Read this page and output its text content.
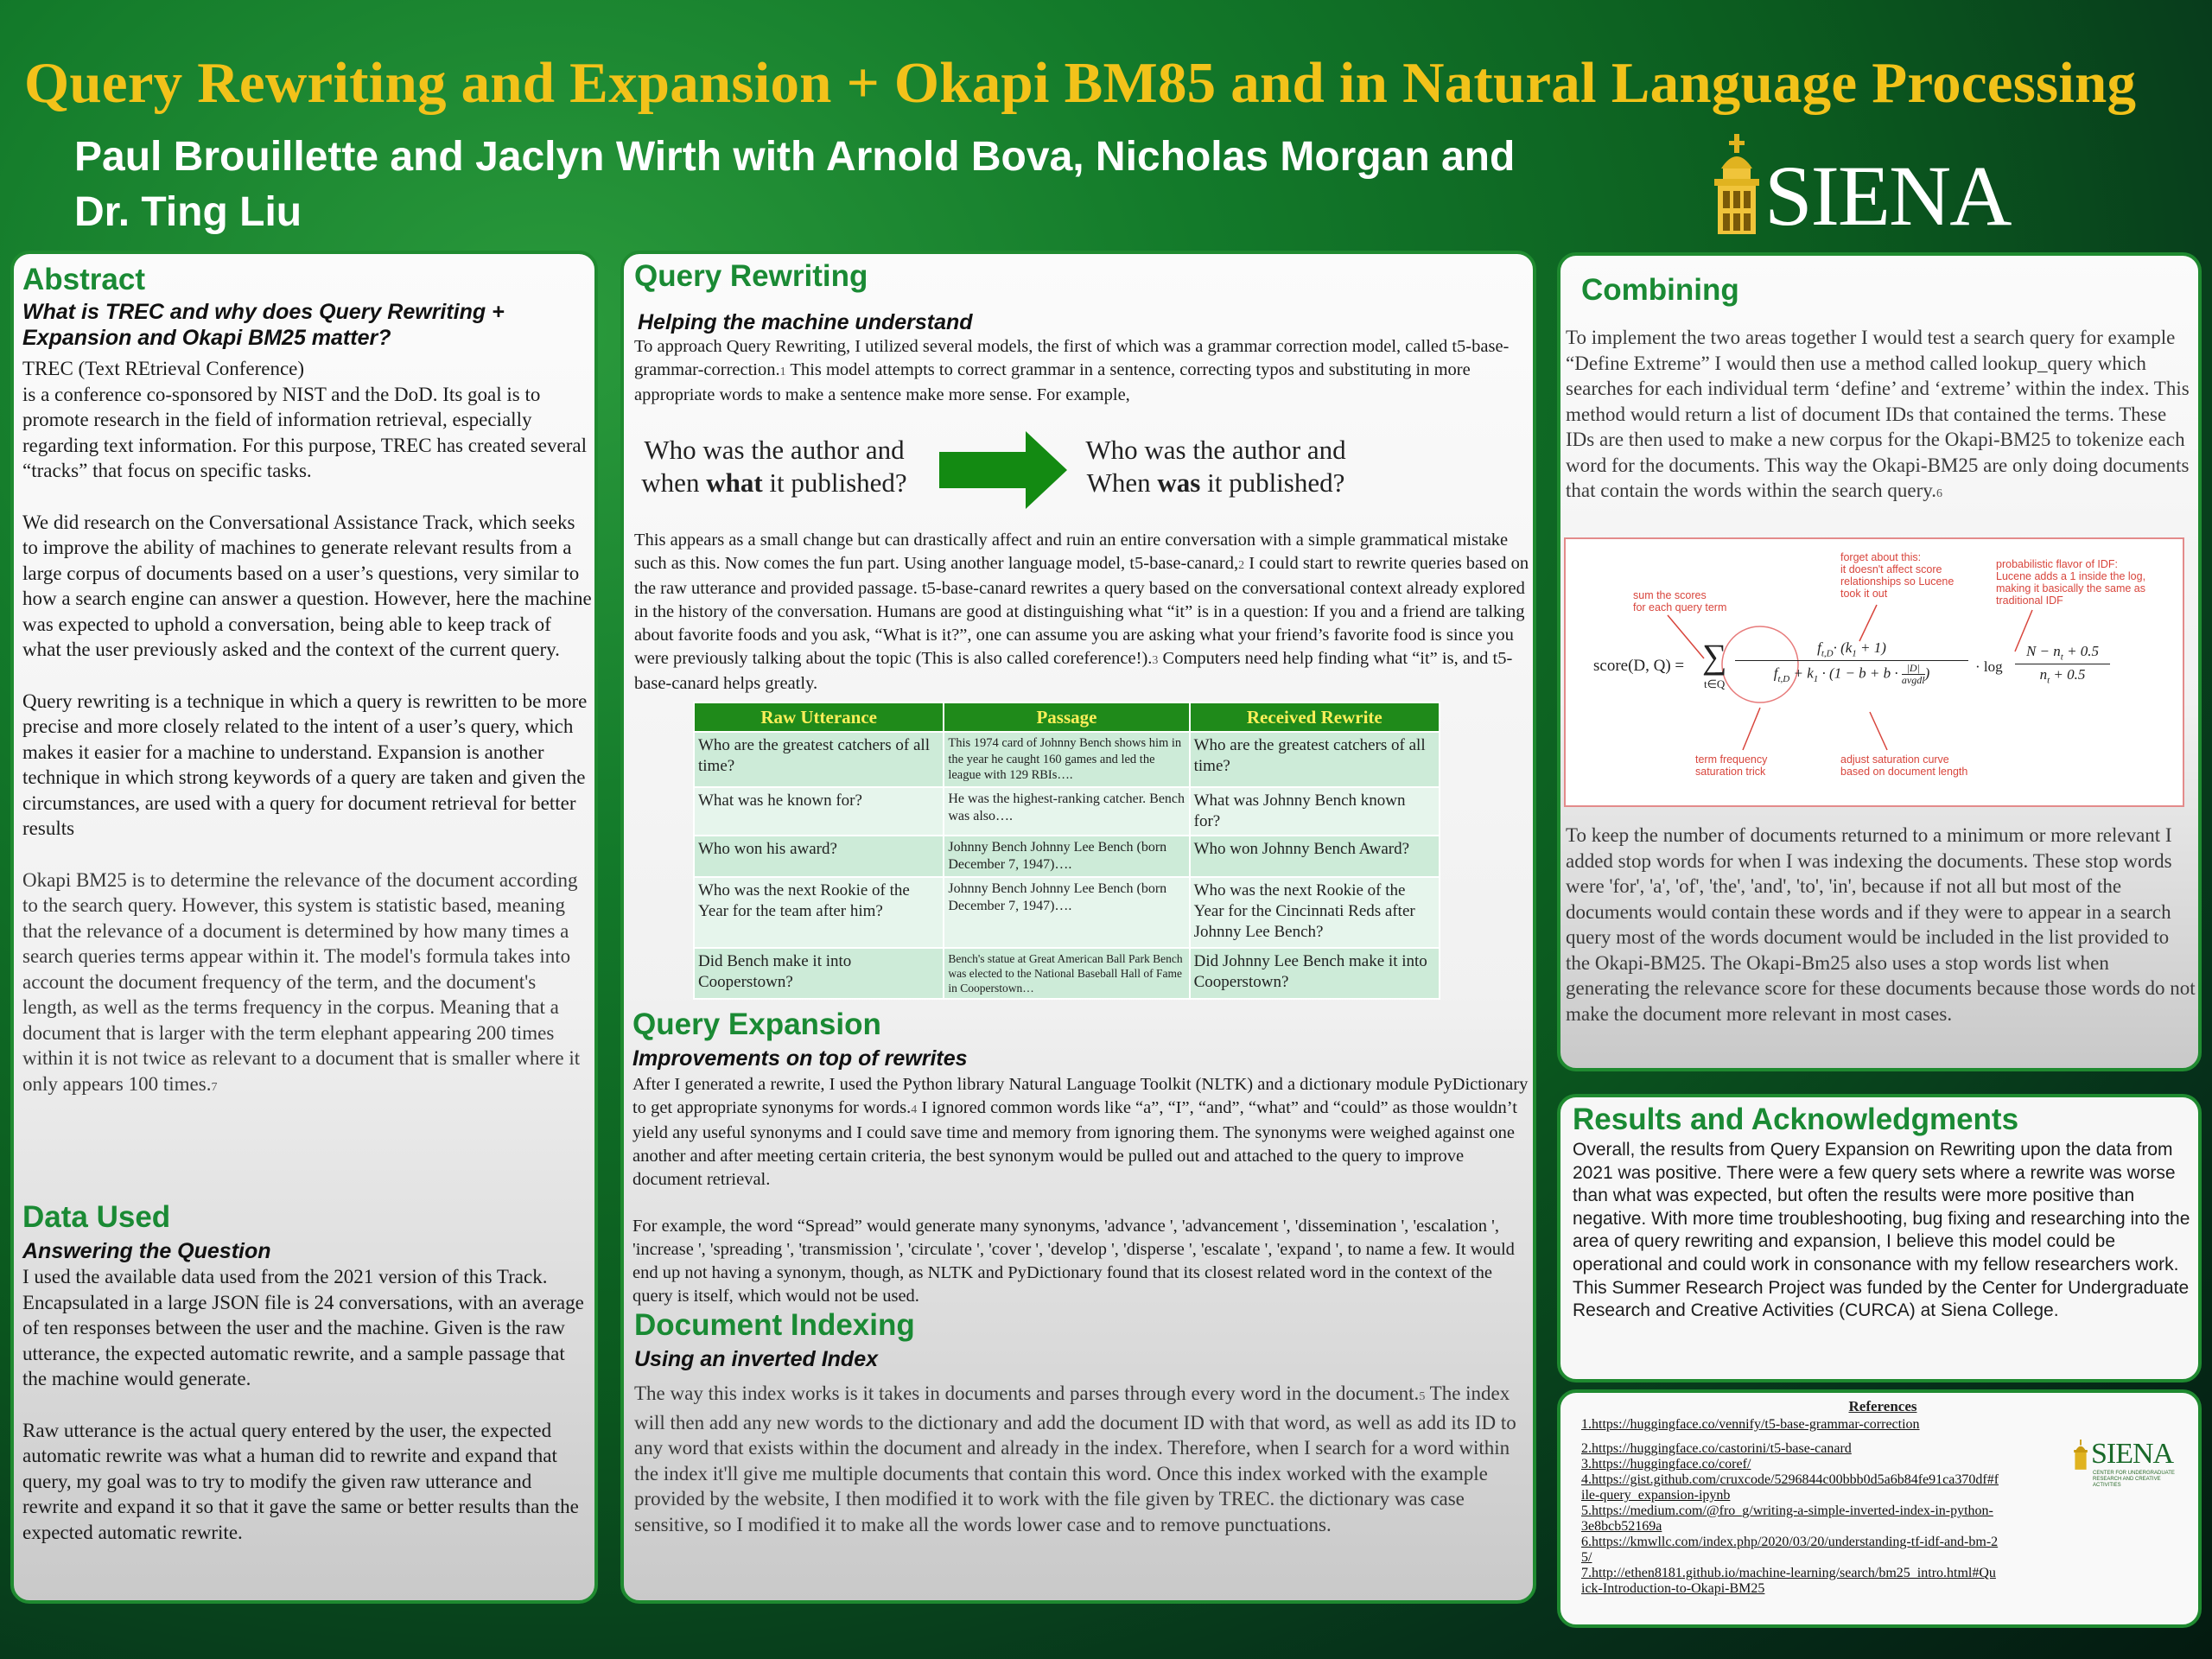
Query Rewriting and Expansion + Okapi BM85 and in Natural Language Processing
Paul Brouillette and Jaclyn Wirth with Arnold Bova, Nicholas Morgan and
Dr. Ting Liu	SIENA
Abstract
What is TREC and why does Query Rewriting + Expansion and Okapi BM25 matter?
TREC (Text REtrieval Conference)
is a conference co-sponsored by NIST and the DoD. Its goal is to promote research in the field of information retrieval, especially regarding text information. For this purpose, TREC has created several “tracks” that focus on specific tasks.
We did research on the Conversational Assistance Track, which seeks to improve the ability of machines to generate relevant results from a large corpus of documents based on a user’s questions, very similar to how a search engine can answer a question. However, here the machine was expected to uphold a conversation, being able to keep track of what the user previously asked and the context of the current query.
Query rewriting is a technique in which a query is rewritten to be more precise and more closely related to the intent of a user’s query, which makes it easier for a machine to understand. Expansion is another technique in which strong keywords of a query are taken and given the circumstances, are used with a query for document retrieval for better results
Okapi BM25 is to determine the relevance of the document according to the search query. However, this system is statistic based, meaning that the relevance of a document is determined by how many times a search queries terms appear within it. The model's formula takes into account the document frequency of the term, and the document's length, as well as the terms frequency in the corpus. Meaning that a document that is larger with the term elephant appearing 200 times within it is not twice as relevant to a document that is smaller where it only appears 100 times.7
Data Used
Answering the Question
I used the available data used from the 2021 version of this Track. Encapsulated in a large JSON file is 24 conversations, with an average of ten responses between the user and the machine. Given is the raw utterance, the expected automatic rewrite, and a sample passage that the machine would generate.
Raw utterance is the actual query entered by the user, the expected automatic rewrite was what a human did to rewrite and expand that query, my goal was to try to modify the given raw utterance and rewrite and expand it so that it gave the same or better results than the expected automatic rewrite.
Query Rewriting
Helping the machine understand
To approach Query Rewriting, I utilized several models, the first of which was a grammar correction model, called t5-base-grammar-correction.1 This model attempts to correct grammar in a sentence, correcting typos and substituting in more appropriate words to make a sentence make more sense. For example,
Who was the author and
when what it published?
Who was the author and
When was it published?
This appears as a small change but can drastically affect and ruin an entire conversation with a simple grammatical mistake such as this. Now comes the fun part. Using another language model, t5-base-canard,2 I could start to rewrite queries based on the raw utterance and provided passage. t5-base-canard rewrites a query based on the conversational context already explored in the history of the conversation. Humans are good at distinguishing what “it” is in a question: If you and a friend are talking about favorite foods and you ask, “What is it?”, one can assume you are asking what your friend’s favorite food is since you were previously talking about the topic (This is also called coreference!).3 Computers need help finding what “it” is, and t5-base-canard helps greatly.
Raw Utterance	Passage	Received Rewrite
Who are the greatest catchers of all time?	This 1974 card of Johnny Bench shows him in the year he caught 160 games and led the league with 129 RBIs….	Who are the greatest catchers of all time?
What was he known for?	He was the highest-ranking catcher. Bench was also….	What was Johnny Bench known for?
Who won his award?	Johnny Bench Johnny Lee Bench (born December 7, 1947)….	Who won Johnny Bench Award?
Who was the next Rookie of the Year for the team after him?	Johnny Bench Johnny Lee Bench (born December 7, 1947)….	Who was the next Rookie of the Year for the Cincinnati Reds after Johnny Lee Bench?
Did Bench make it into Cooperstown?	Bench's statue at Great American Ball Park Bench was elected to the National Baseball Hall of Fame in Cooperstown…	Did Johnny Lee Bench make it into Cooperstown?
Query Expansion
Improvements on top of rewrites
After I generated a rewrite, I used the Python library Natural Language Toolkit (NLTK) and a dictionary module PyDictionary to get appropriate synonyms for words.4 I ignored common words like “a”, “I”, “and”, “what” and “could” as those wouldn’t yield any useful synonyms and I could save time and memory from ignoring them. The synonyms were weighed against one another and after meeting certain criteria, the best synonym would be pulled out and attached to the query to improve document retrieval.
For example, the word “Spread” would generate many synonyms, 'advance ', 'advancement ', 'dissemination ', 'escalation ', 'increase ', 'spreading ', 'transmission ', 'circulate ', 'cover ', 'develop ', 'disperse ', 'escalate ', 'expand ', to name a few. It would end up not having a synonym, though, as NLTK and PyDictionary found that its closest related word in the context of the query is itself, which would not be used.
Document Indexing
Using an inverted Index
The way this index works is it takes in documents and parses through every word in the document.5 The index will then add any new words to the dictionary and add the document ID with that word, as well as add its ID to any word that exists within the document and already in the index. Therefore, when I search for a word within the index it'll give me multiple documents that contain this word. Once this index worked with the example provided by the website, I then modified it to work with the file given by TREC. the dictionary was case sensitive, so I modified it to make all the words lower case and to remove punctuations.
Combining
To implement the two areas together I would test a search query for example “Define Extreme” I would then use a method called lookup_query which searches for each individual term ‘define’ and ‘extreme’ within the index. This method would return a list of document IDs that contained the terms. These IDs are then used to make a new corpus for the Okapi-BM25 to tokenize each word for the documents. This way the Okapi-BM25 are only doing documents that contain the words within the search query.6
sum the scores
for each query term
forget about this:
it doesn't affect score
relationships so Lucene
took it out
probabilistic flavor of IDF:
Lucene adds a 1 inside the log,
making it basically the same as
traditional IDF
term frequency
saturation trick
adjust saturation curve
based on document length
score(D, Q) = ∑
t∈Q
$f_{t,D}\cdot (k_1 + 1)$
$f_{t,D} + k_1 \cdot (1 - b + b \cdot |D|$
avgdl )	· log
$N - n_t + 0.5$
$n_t + 0.5$
To keep the number of documents returned to a minimum or more relevant I added stop words for when I was indexing the documents. These stop words were 'for', 'a', 'of', 'the', 'and', 'to', 'in', because if not all but most of the documents would contain these words and if they were to appear in a search query most of the words document would be included in the list provided to the Okapi-BM25. The Okapi-Bm25 also uses a stop words list when generating the relevance score for these documents because those words do not make the document more relevant in most cases.
Results and Acknowledgments
Overall, the results from Query Expansion on Rewriting upon the data from 2021 was positive. There were a few query sets where a rewrite was worse than what was expected, but often the results were more positive than negative. With more time troubleshooting, bug fixing and researching into the area of query rewriting and expansion, I believe this model could be operational and could work in consonance with my fellow researchers work.
This Summer Research Project was funded by the Center for Undergraduate Research and Creative Activities (CURCA) at Siena College.
References
1.https://huggingface.co/vennify/t5-base-grammar-correction
2.https://huggingface.co/castorini/t5-base-canard
3.https://huggingface.co/coref/
4.https://gist.github.com/cruxcode/5296844c00bbb0d5a6b84fe91ca370df#f
ile-query_expansion-ipynb
5.https://medium.com/@fro_g/writing-a-simple-inverted-index-in-python-
3e8bcb52169a
6.https://kmwllc.com/index.php/2020/03/20/understanding-tf-idf-and-bm-2
5/
7.http://ethen8181.github.io/machine-learning/search/bm25_intro.html#Qu
ick-Introduction-to-Okapi-BM25
SIENA
CENTER FOR UNDERGRADUATE RESEARCH AND CREATIVE ACTIVITIES
